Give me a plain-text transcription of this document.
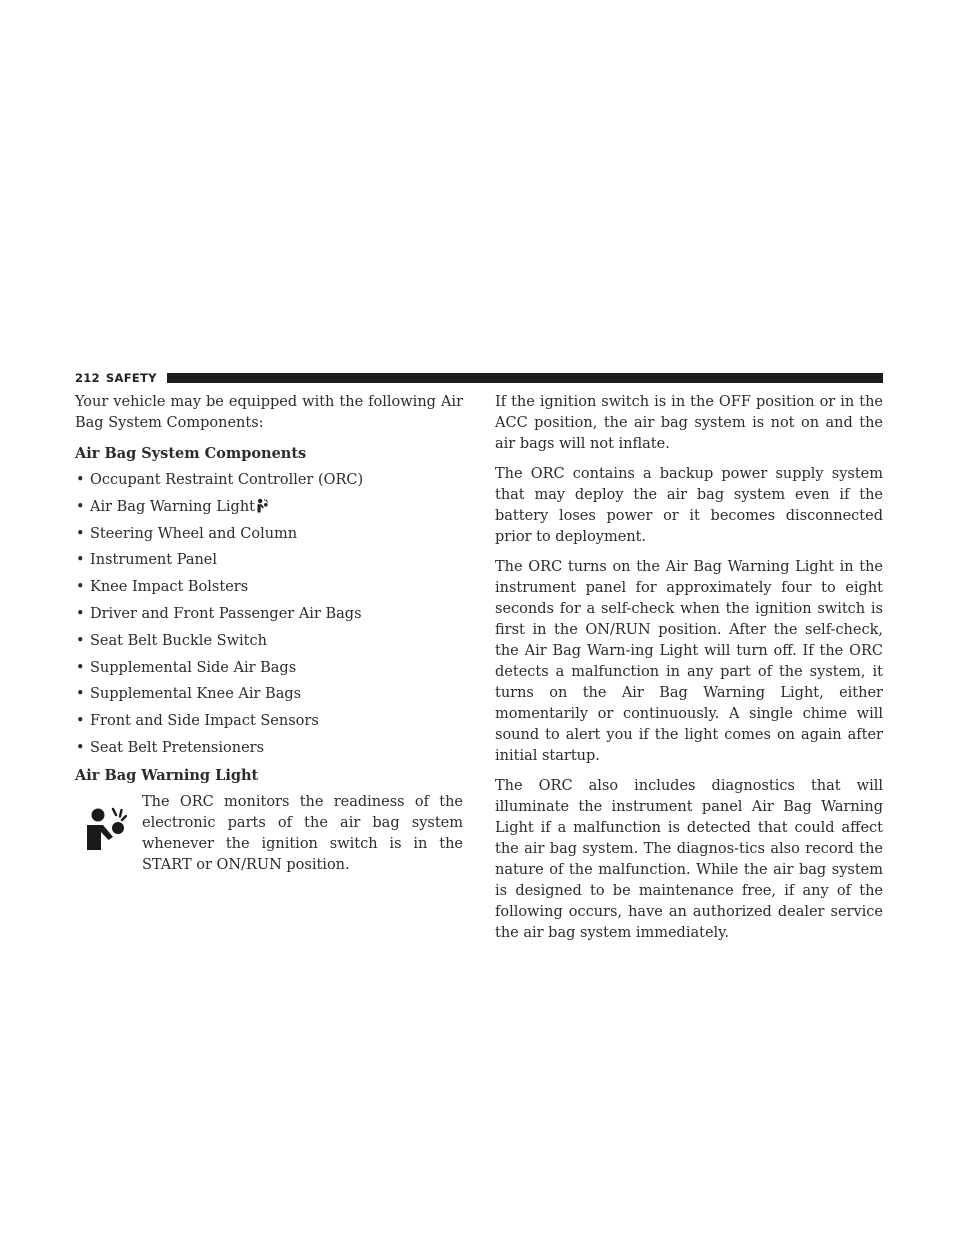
212 SAFETY

Your vehicle may be equipped with the following Air Bag System Components:

Air Bag System Components
• Occupant Restraint Controller (ORC)
• Air Bag Warning Light
• Steering Wheel and Column
• Instrument Panel
• Knee Impact Bolsters
• Driver and Front Passenger Air Bags
• Seat Belt Buckle Switch
• Supplemental Side Air Bags
• Supplemental Knee Air Bags
• Front and Side Impact Sensors
• Seat Belt Pretensioners
Air Bag Warning Light

The ORC monitors the readiness of the electronic parts of the air bag system whenever the ignition switch is in the START or ON/RUN position.

If the ignition switch is in the OFF position or in the ACC position, the air bag system is not on and the air bags will not inflate.

The ORC contains a backup power supply system that may deploy the air bag system even if the battery loses power or it becomes disconnected prior to deployment.

The ORC turns on the Air Bag Warning Light in the instrument panel for approximately four to eight seconds for a self-check when the ignition switch is first in the ON/RUN position. After the self-check, the Air Bag Warn-ing Light will turn off. If the ORC detects a malfunction in any part of the system, it turns on the Air Bag Warning Light, either momentarily or continuously. A single chime will sound to alert you if the light comes on again after initial startup.

The ORC also includes diagnostics that will illuminate the instrument panel Air Bag Warning Light if a malfunction is detected that could affect the air bag system. The diagnos-tics also record the nature of the malfunction. While the air bag system is designed to be maintenance free, if any of the following occurs, have an authorized dealer service the air bag system immediately.
